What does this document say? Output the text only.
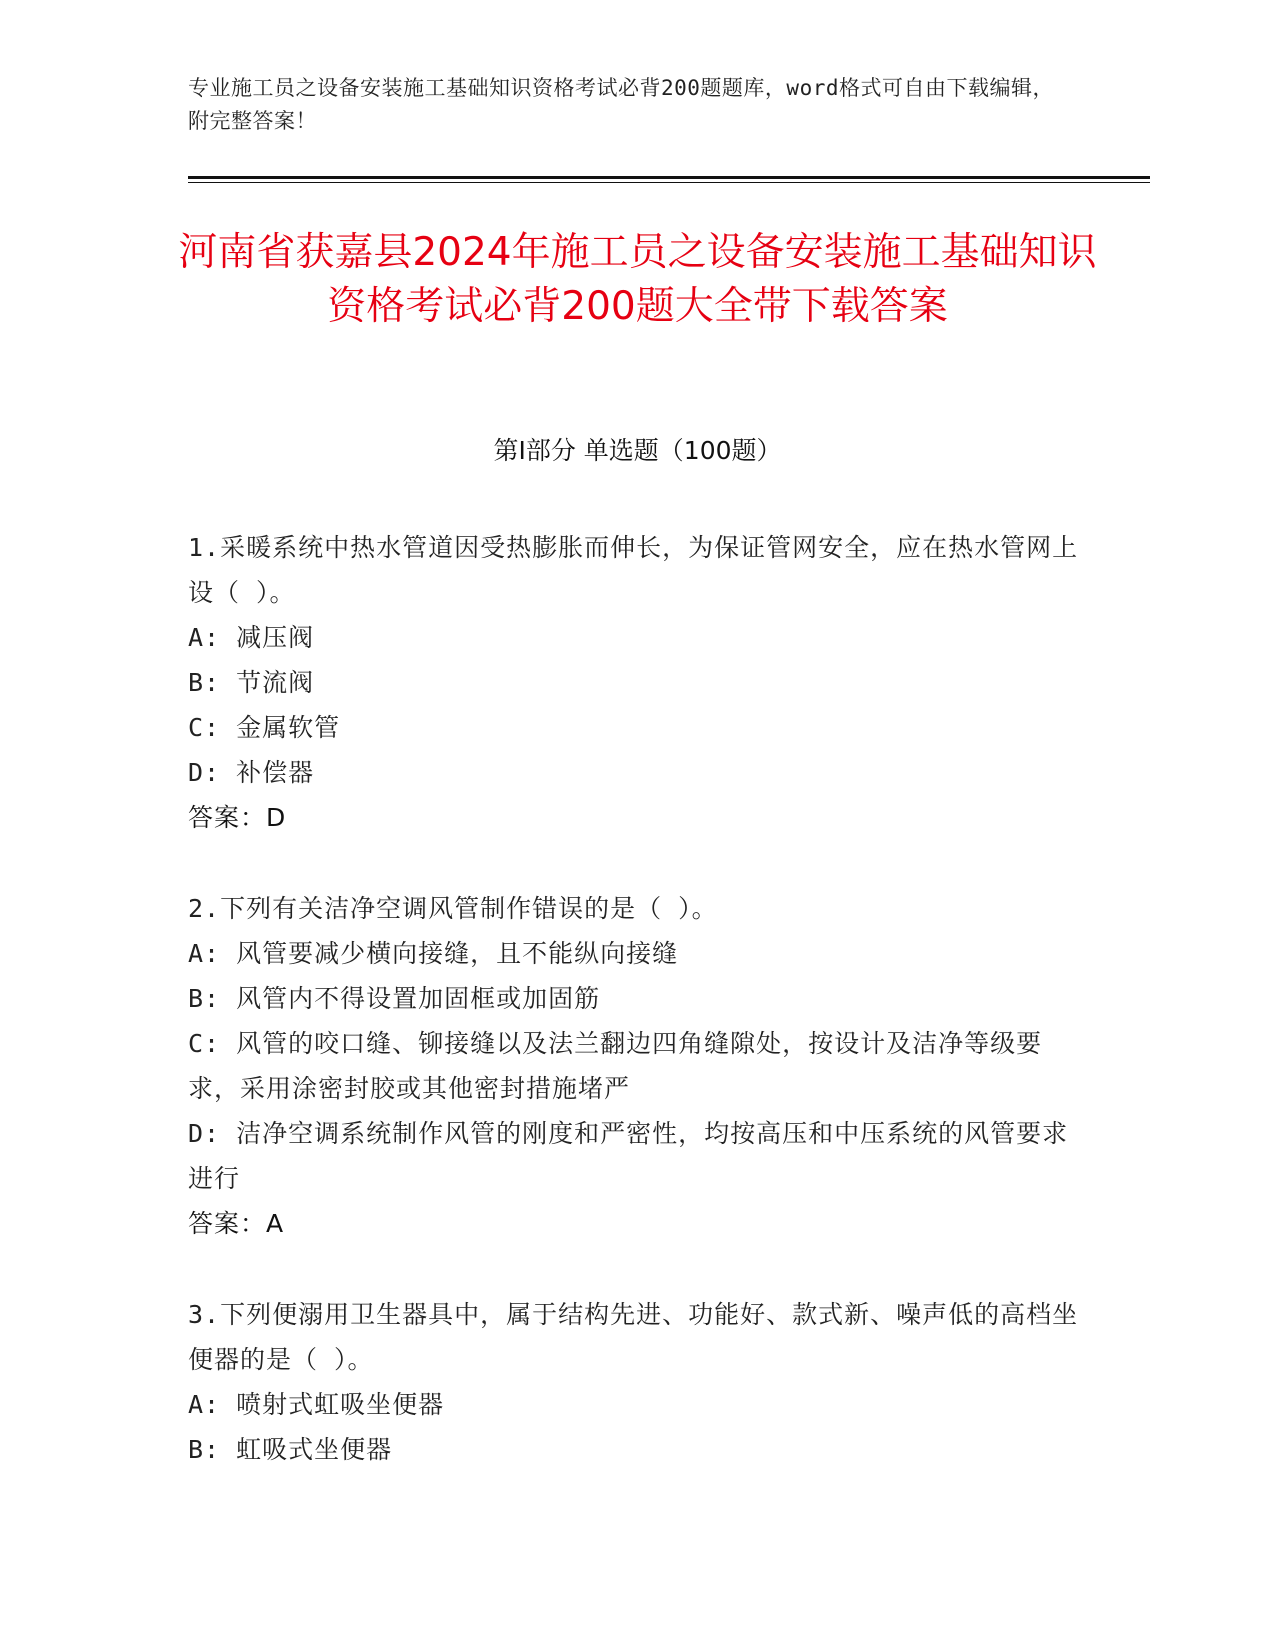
专业施工员之设备安装施工基础知识资格考试必背200题题库，word格式可自由下载编辑，附完整答案！
河南省获嘉县2024年施工员之设备安装施工基础知识资格考试必背200题大全带下载答案
第Ⅰ部分 单选题（100题）

1.采暖系统中热水管道因受热膨胀而伸长，为保证管网安全，应在热水管网上设（ ）。

A: 减压阀

B: 节流阀

C: 金属软管

D: 补偿器

答案：D

2.下列有关洁净空调风管制作错误的是（ ）。

A: 风管要减少横向接缝，且不能纵向接缝

B: 风管内不得设置加固框或加固筋

C: 风管的咬口缝、铆接缝以及法兰翻边四角缝隙处，按设计及洁净等级要求，采用涂密封胶或其他密封措施堵严

D: 洁净空调系统制作风管的刚度和严密性，均按高压和中压系统的风管要求进行

答案：A

3.下列便溺用卫生器具中，属于结构先进、功能好、款式新、噪声低的高档坐便器的是（ ）。

A: 喷射式虹吸坐便器

B: 虹吸式坐便器
